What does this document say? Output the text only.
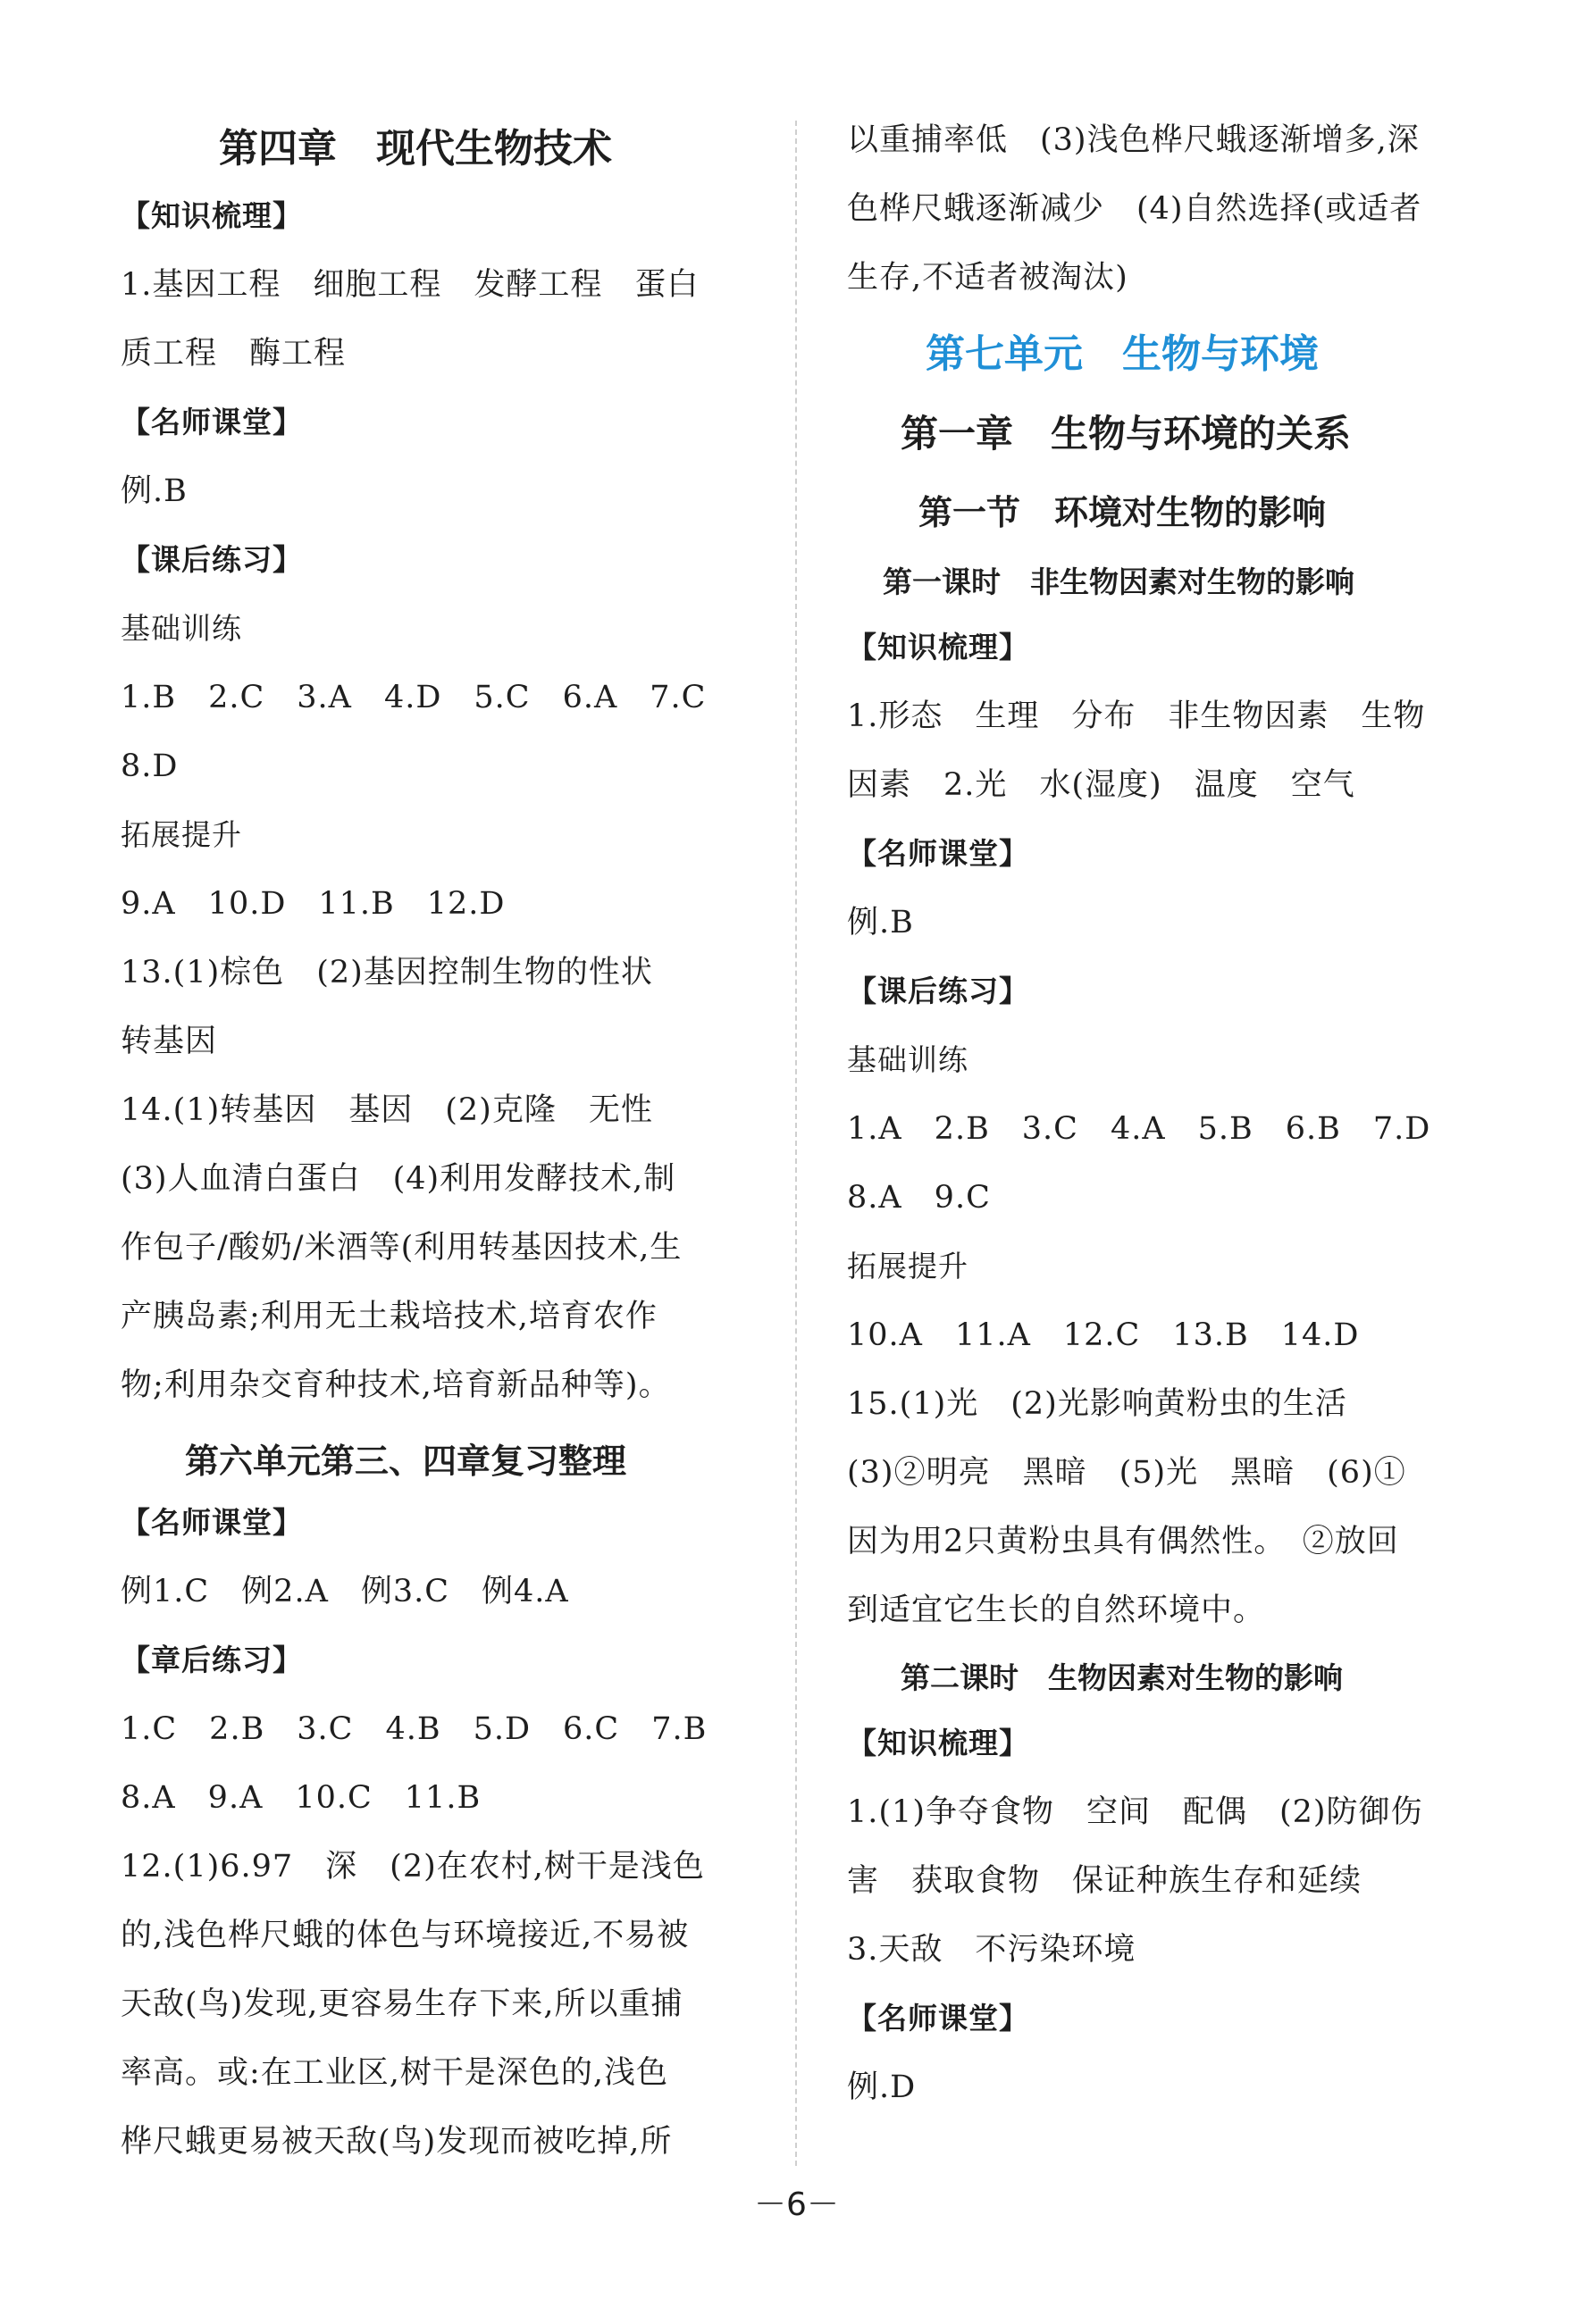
第四章　现代生物技术
【知识梳理】
1.基因工程　细胞工程　发酵工程　蛋白
质工程　酶工程
【名师课堂】
例.B
【课后练习】
基础训练
1.B　2.C　3.A　4.D　5.C　6.A　7.C
8.D
拓展提升
9.A　10.D　11.B　12.D
13.(1)棕色　(2)基因控制生物的性状
转基因
14.(1)转基因　基因　(2)克隆　无性
(3)人血清白蛋白　(4)利用发酵技术,制
作包子/酸奶/米酒等(利用转基因技术,生
产胰岛素;利用无土栽培技术,培育农作
物;利用杂交育种技术,培育新品种等)。
第六单元第三、四章复习整理
【名师课堂】
例1.C　例2.A　例3.C　例4.A
【章后练习】
1.C　2.B　3.C　4.B　5.D　6.C　7.B
8.A　9.A　10.C　11.B
12.(1)6.97　深　(2)在农村,树干是浅色
的,浅色桦尺蛾的体色与环境接近,不易被
天敌(鸟)发现,更容易生存下来,所以重捕
率高。或:在工业区,树干是深色的,浅色
桦尺蛾更易被天敌(鸟)发现而被吃掉,所
以重捕率低　(3)浅色桦尺蛾逐渐增多,深
色桦尺蛾逐渐减少　(4)自然选择(或适者
生存,不适者被淘汰)
第七单元　生物与环境
第一章　生物与环境的关系
第一节　环境对生物的影响
第一课时　非生物因素对生物的影响
【知识梳理】
1.形态　生理　分布　非生物因素　生物
因素　2.光　水(湿度)　温度　空气
【名师课堂】
例.B
【课后练习】
基础训练
1.A　2.B　3.C　4.A　5.B　6.B　7.D
8.A　9.C
拓展提升
10.A　11.A　12.C　13.B　14.D
15.(1)光　(2)光影响黄粉虫的生活
(3)②明亮　黑暗　(5)光　黑暗　(6)①
因为用2只黄粉虫具有偶然性。　②放回
到适宜它生长的自然环境中。
第二课时　生物因素对生物的影响
【知识梳理】
1.(1)争夺食物　空间　配偶　(2)防御伤
害　获取食物　保证种族生存和延续
3.天敌　不污染环境
【名师课堂】
例.D
－6－
